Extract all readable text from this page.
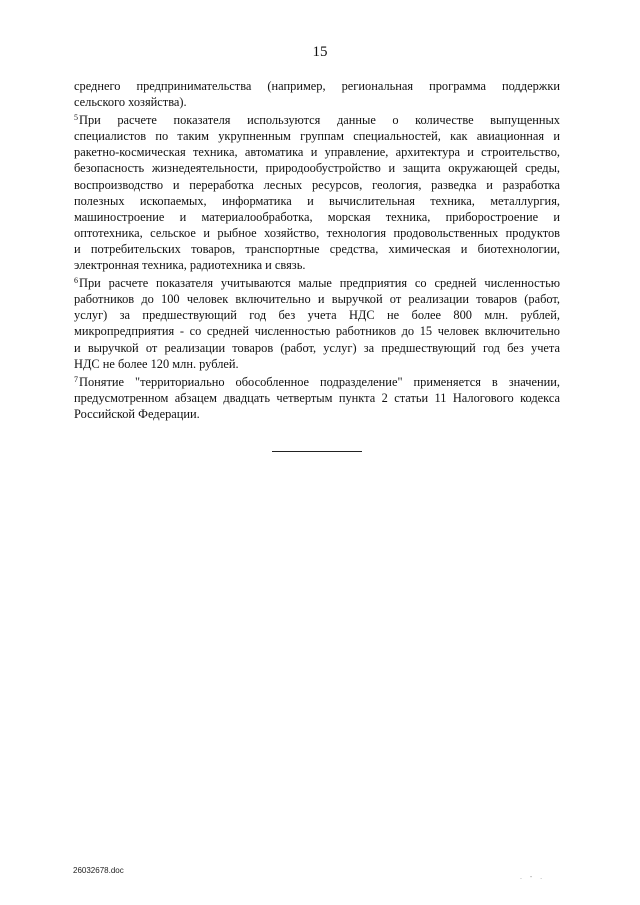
15
среднего предпринимательства (например, региональная программа поддержки
сельского хозяйства).
$^5$При расчете показателя используются данные о количестве выпущенных
специалистов по таким укрупненным группам специальностей, как авиационная и
ракетно-космическая техника, автоматика и управление, архитектура и строительство,
безопасность жизнедеятельности, природообустройство и защита окружающей среды,
воспроизводство и переработка лесных ресурсов, геология, разведка и разработка
полезных ископаемых, информатика и вычислительная техника, металлургия,
машиностроение и материалообработка, морская техника, приборостроение и
оптотехника, сельское и рыбное хозяйство, технология продовольственных продуктов
и потребительских товаров, транспортные средства, химическая и биотехнологии,
электронная техника, радиотехника и связь.
$^6$При расчете показателя учитываются малые предприятия со средней численностью
работников до 100 человек включительно и выручкой от реализации товаров (работ,
услуг) за предшествующий год без учета НДС не более 800 млн. рублей,
микропредприятия - со средней численностью работников до 15 человек включительно
и выручкой от реализации товаров (работ, услуг) за предшествующий год без учета
НДС не более 120 млн. рублей.
$^7$Понятие "территориально обособленное подразделение" применяется в значении,
предусмотренном абзацем двадцать четвертым пункта 2 статьи 11 Налогового кодекса
Российской Федерации.
26032678.doc
. - .
